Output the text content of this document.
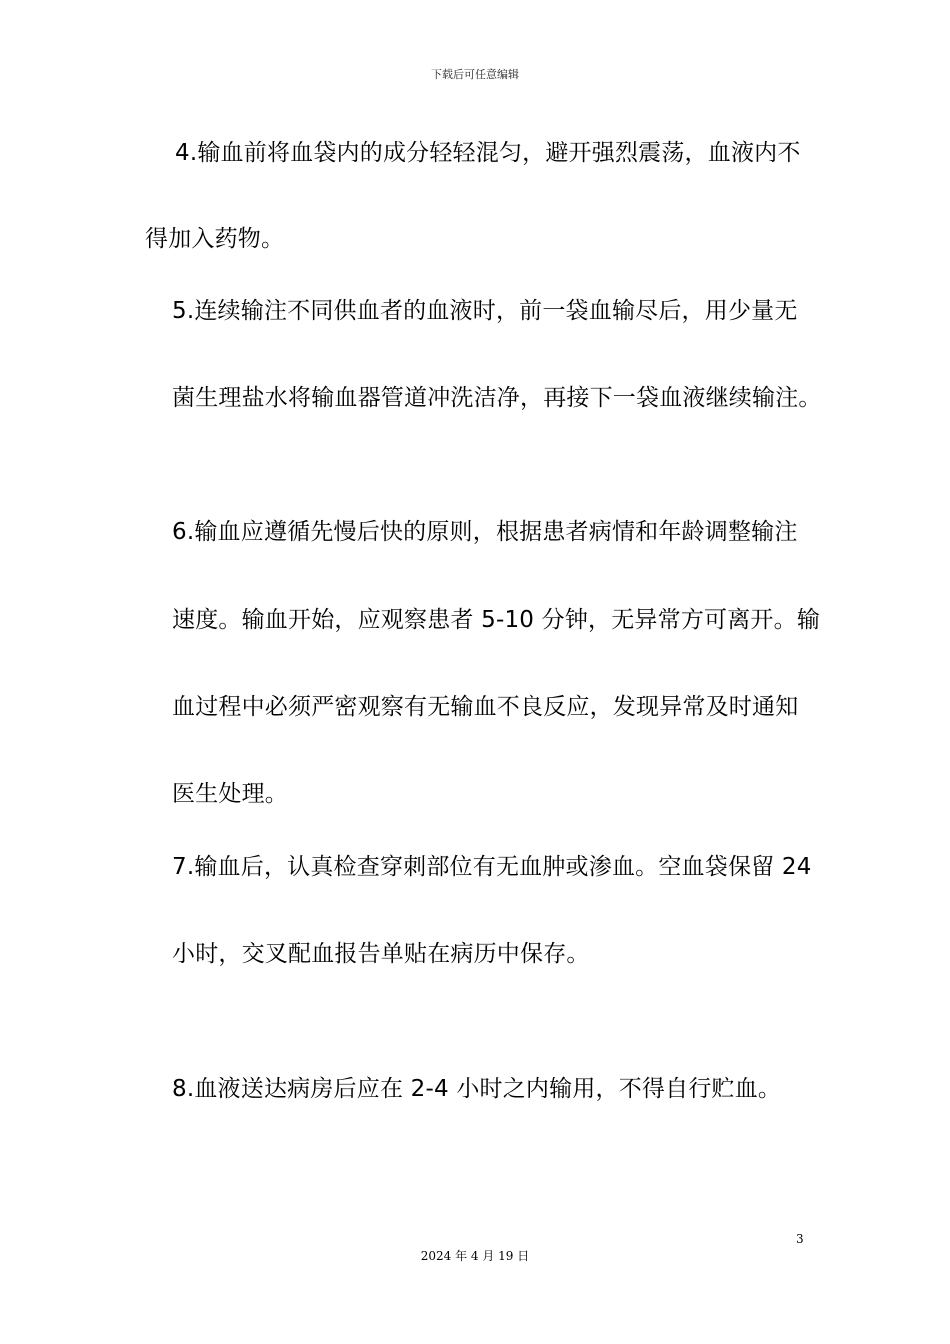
下载后可任意编辑
4.输血前将血袋内的成分轻轻混匀，避开强烈震荡，血液内不
得加入药物。
5.连续输注不同供血者的血液时，前一袋血输尽后，用少量无
菌生理盐水将输血器管道冲洗洁净，再接下一袋血液继续输注。
6.输血应遵循先慢后快的原则，根据患者病情和年龄调整输注
速度。输血开始，应观察患者 5-10 分钟，无异常方可离开。输
血过程中必须严密观察有无输血不良反应，发现异常及时通知
医生处理。
7.输血后，认真检查穿刺部位有无血肿或渗血。空血袋保留 24
小时，交叉配血报告单贴在病历中保存。
8.血液送达病房后应在 2-4 小时之内输用，不得自行贮血。
3
2024 年 4 月 19 日
